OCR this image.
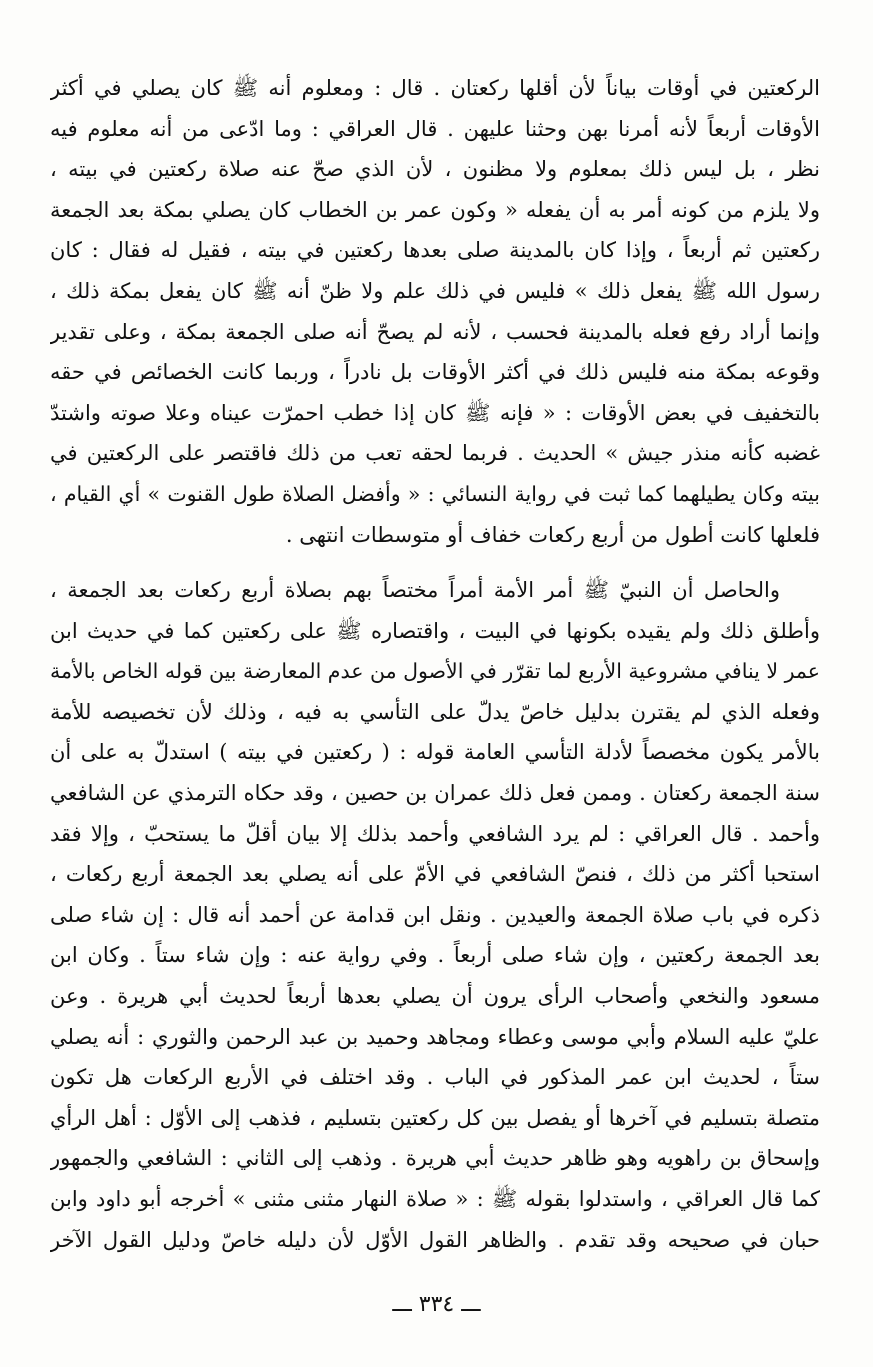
الركعتين في أوقات بياناً لأن أقلها ركعتان . قال : ومعلوم أنه ﷺ كان يصلي في أكثر
الأوقات أربعاً لأنه أمرنا بهن وحثنا عليهن . قال العراقي : وما ادّعى من أنه معلوم فيه
نظر ، بل ليس ذلك بمعلوم ولا مظنون ، لأن الذي صحّ عنه صلاة ركعتين في بيته ،
ولا يلزم من كونه أمر به أن يفعله « وكون عمر بن الخطاب كان يصلي بمكة بعد الجمعة
ركعتين ثم أربعاً ، وإذا كان بالمدينة صلى بعدها ركعتين في بيته ، فقيل له فقال : كان
رسول الله ﷺ يفعل ذلك » فليس في ذلك علم ولا ظنّ أنه ﷺ كان يفعل بمكة ذلك ،
وإنما أراد رفع فعله بالمدينة فحسب ، لأنه لم يصحّ أنه صلى الجمعة بمكة ، وعلى تقدير
وقوعه بمكة منه فليس ذلك في أكثر الأوقات بل نادراً ، وربما كانت الخصائص في حقه
بالتخفيف في بعض الأوقات : « فإنه ﷺ كان إذا خطب احمرّت عيناه وعلا صوته واشتدّ
غضبه كأنه منذر جيش » الحديث . فربما لحقه تعب من ذلك فاقتصر على الركعتين في
بيته وكان يطيلهما كما ثبت في رواية النسائي : « وأفضل الصلاة طول القنوت » أي القيام ،
فلعلها كانت أطول من أربع ركعات خفاف أو متوسطات انتهى .
والحاصل أن النبيّ ﷺ أمر الأمة أمراً مختصاً بهم بصلاة أربع ركعات بعد الجمعة ،
وأطلق ذلك ولم يقيده بكونها في البيت ، واقتصاره ﷺ على ركعتين كما في حديث ابن
عمر لا ينافي مشروعية الأربع لما تقرّر في الأصول من عدم المعارضة بين قوله الخاص بالأمة
وفعله الذي لم يقترن بدليل خاصّ يدلّ على التأسي به فيه ، وذلك لأن تخصيصه للأمة
بالأمر يكون مخصصاً لأدلة التأسي العامة قوله : ( ركعتين في بيته ) استدلّ به على أن
سنة الجمعة ركعتان . وممن فعل ذلك عمران بن حصين ، وقد حكاه الترمذي عن الشافعي
وأحمد . قال العراقي : لم يرد الشافعي وأحمد بذلك إلا بيان أقلّ ما يستحبّ ، وإلا فقد
استحبا أكثر من ذلك ، فنصّ الشافعي في الأمّ على أنه يصلي بعد الجمعة أربع ركعات ،
ذكره في باب صلاة الجمعة والعيدين . ونقل ابن قدامة عن أحمد أنه قال : إن شاء صلى
بعد الجمعة ركعتين ، وإن شاء صلى أربعاً . وفي رواية عنه : وإن شاء ستاً . وكان ابن
مسعود والنخعي وأصحاب الرأى يرون أن يصلي بعدها أربعاً لحديث أبي هريرة . وعن
عليّ عليه السلام وأبي موسى وعطاء ومجاهد وحميد بن عبد الرحمن والثوري : أنه يصلي
ستاً ، لحديث ابن عمر المذكور في الباب . وقد اختلف في الأربع الركعات هل تكون
متصلة بتسليم في آخرها أو يفصل بين كل ركعتين بتسليم ، فذهب إلى الأوّل : أهل الرأي
وإسحاق بن راهويه وهو ظاهر حديث أبي هريرة . وذهب إلى الثاني : الشافعي والجمهور
كما قال العراقي ، واستدلوا بقوله ﷺ : « صلاة النهار مثنى مثنى » أخرجه أبو داود وابن
حبان في صحيحه وقد تقدم . والظاهر القول الأوّل لأن دليله خاصّ ودليل القول الآخر
ـــ ٣٣٤ ـــ
